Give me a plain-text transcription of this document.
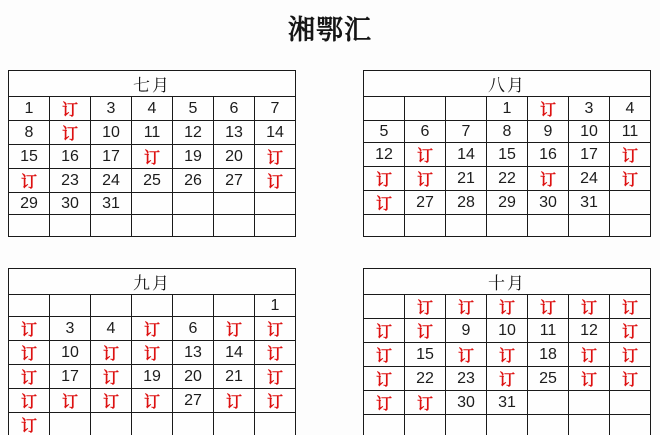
湘鄂汇
七月						
1	订	3	4	5	6	7
8	订	10	11	12	13	14
15	16	17	订	19	20	订
订	23	24	25	26	27	订
29	30	31				

八月						
			1	订	3	4
5	6	7	8	9	10	11
12	订	14	15	16	17	订
订	订	21	22	订	24	订
订	27	28	29	30	31	

九月						
						1
订	3	4	订	6	订	订
订	10	订	订	13	14	订
订	17	订	19	20	21	订
订	订	订	订	27	订	订
订						
十月						
	订	订	订	订	订	订
订	订	9	10	11	12	订
订	15	订	订	18	订	订
订	22	23	订	25	订	订
订	订	30	31			
